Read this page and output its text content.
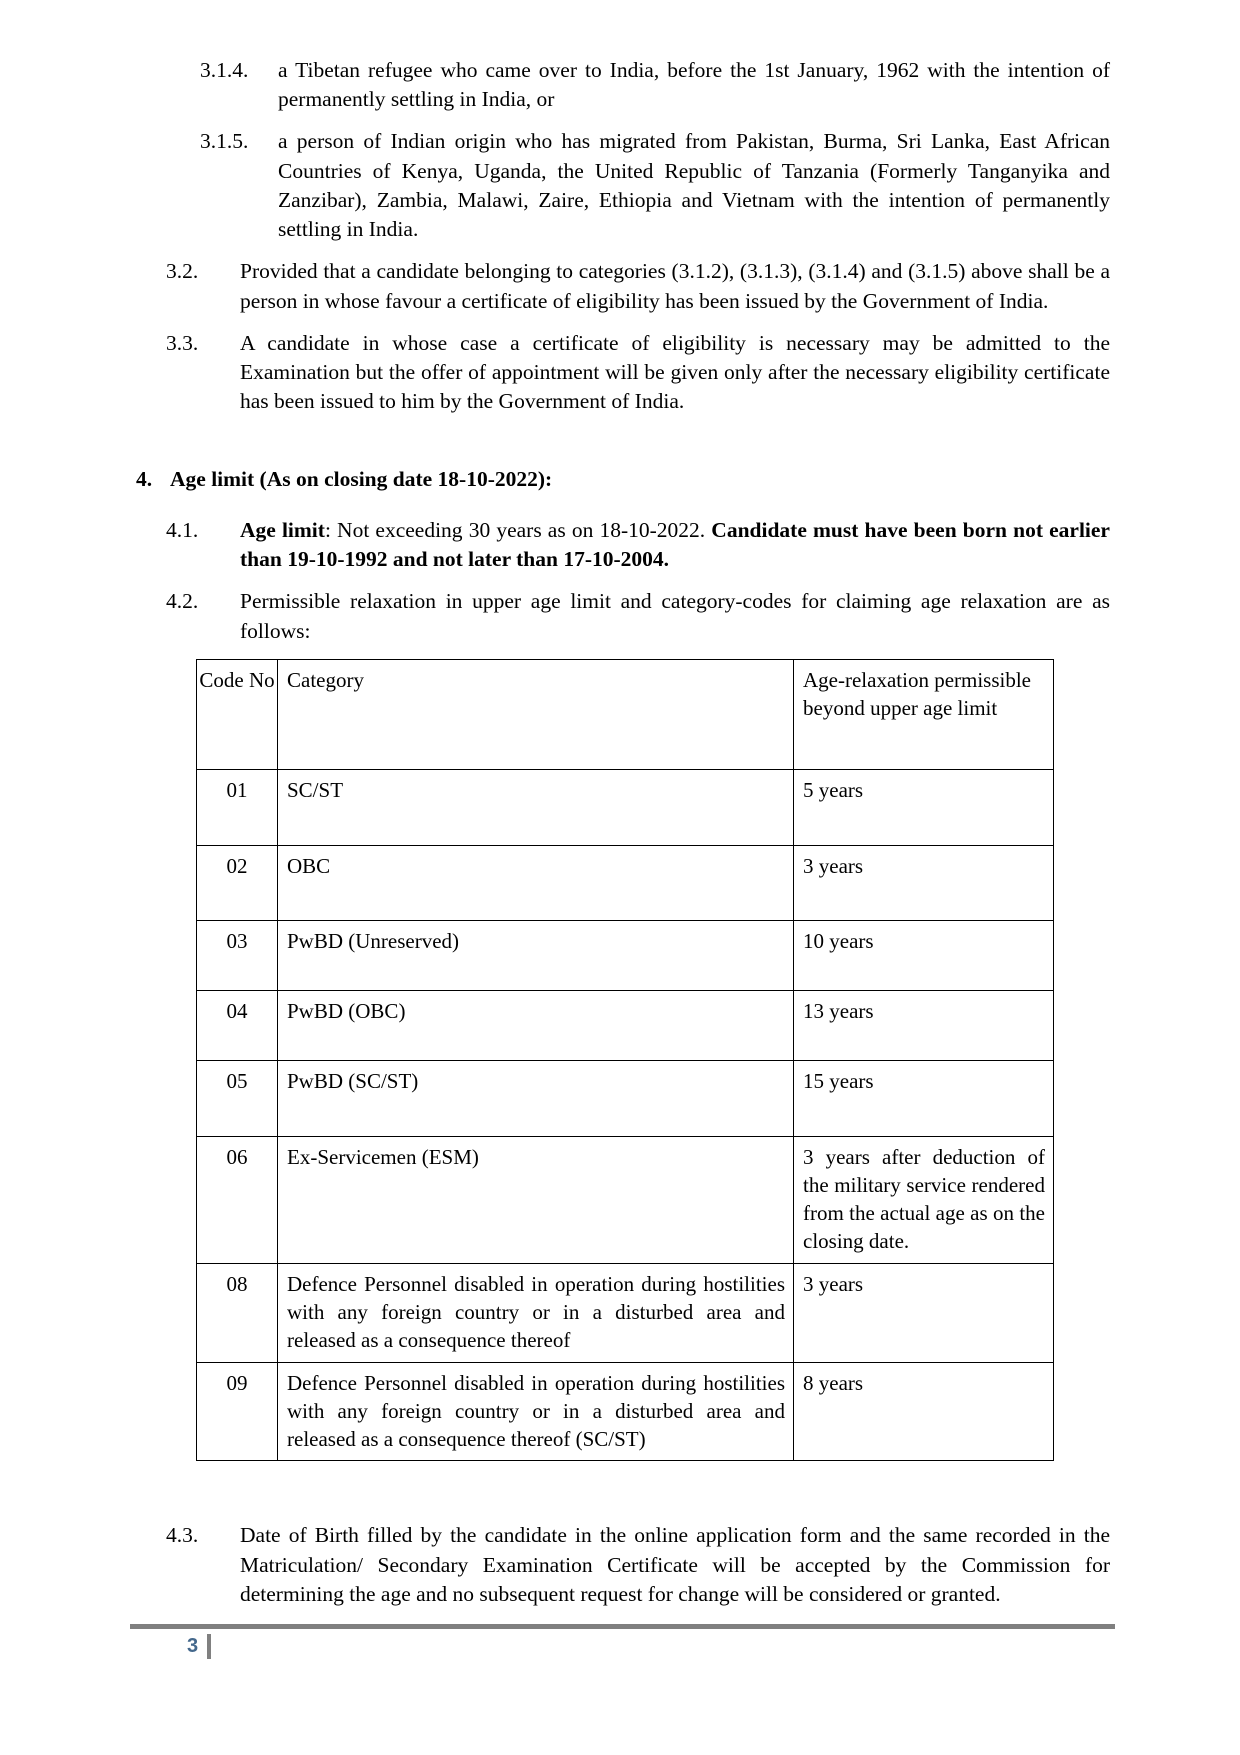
3.1.4.	a Tibetan refugee who came over to India, before the 1st January, 1962 with the intention of permanently settling in India, or
3.1.5.	a person of Indian origin who has migrated from Pakistan, Burma, Sri Lanka, East African Countries of Kenya, Uganda, the United Republic of Tanzania (Formerly Tanganyika and Zanzibar), Zambia, Malawi, Zaire, Ethiopia and Vietnam with the intention of permanently settling in India.
3.2.	Provided that a candidate belonging to categories (3.1.2), (3.1.3), (3.1.4) and (3.1.5) above shall be a person in whose favour a certificate of eligibility has been issued by the Government of India.
3.3.	A candidate in whose case a certificate of eligibility is necessary may be admitted to the Examination but the offer of appointment will be given only after the necessary eligibility certificate has been issued to him by the Government of India.
4. Age limit (As on closing date 18-10-2022):
4.1.	Age limit: Not exceeding 30 years as on 18-10-2022. Candidate must have been born not earlier than 19-10-1992 and not later than 17-10-2004.
4.2.	Permissible relaxation in upper age limit and category-codes for claiming age relaxation are as follows:
Code No	Category	Age-relaxation permissible beyond upper age limit
01	SC/ST	5 years
02	OBC	3 years
03	PwBD (Unreserved)	10 years
04	PwBD (OBC)	13 years
05	PwBD (SC/ST)	15 years
06	Ex-Servicemen (ESM)	3 years after deduction of the military service rendered from the actual age as on the closing date.
08	Defence Personnel disabled in operation during hostilities with any foreign country or in a disturbed area and released as a consequence thereof	3 years
09	Defence Personnel disabled in operation during hostilities with any foreign country or in a disturbed area and released as a consequence thereof (SC/ST)	8 years
4.3.	Date of Birth filled by the candidate in the online application form and the same recorded in the Matriculation/ Secondary Examination Certificate will be accepted by the Commission for determining the age and no subsequent request for change will be considered or granted.
3
